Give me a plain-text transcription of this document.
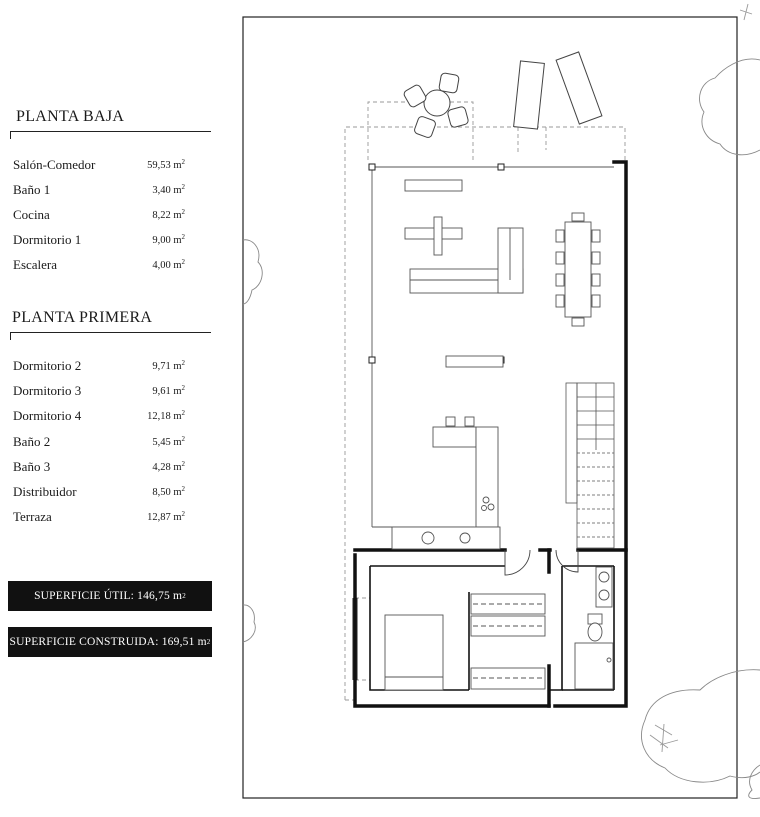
PLANTA BAJA
Salón-Comedor	59,53 $m^2$
Baño 1	3,40 $m^2$
Cocina	8,22 $m^2$
Dormitorio 1	9,00 $m^2$
Escalera	4,00 $m^2$
PLANTA PRIMERA
Dormitorio 2	9,71 $m^2$
Dormitorio 3	9,61 $m^2$
Dormitorio 4	12,18 $m^2$
Baño 2	5,45 $m^2$
Baño 3	4,28 $m^2$
Distribuidor	8,50 $m^2$
Terraza	12,87 $m^2$
SUPERFICIE ÚTIL: 146,75 m 2
SUPERFICIE CONSTRUIDA: 169,51 m 2
